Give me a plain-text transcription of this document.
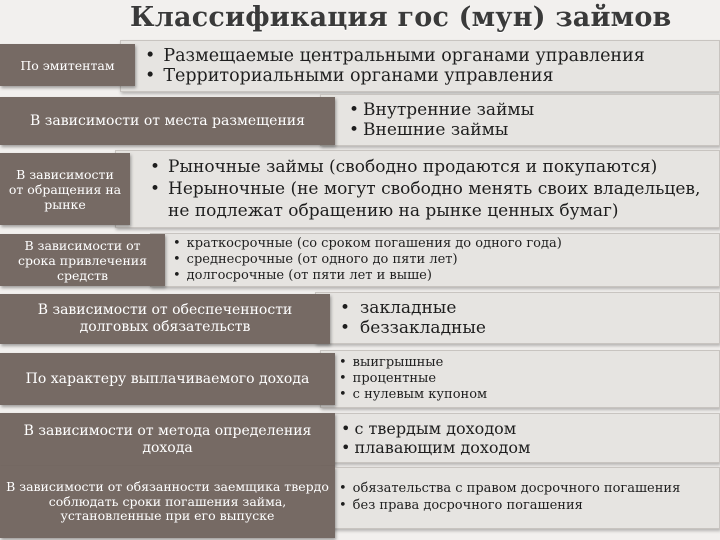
Классификация гос (мун) займов
• Размещаемые центральными органами управления
• Территориальными органами управления
По эмитентам
• Внутренние займы
• Внешние займы
В зависимости от места размещения
• Рыночные займы (свободно продаются и покупаются)
• Нерыночные (не могут свободно менять своих владельцев, не подлежат обращению на рынке ценных бумаг)
В зависимости от обращения на рынке
• краткосрочные (со сроком погашения до одного года)
• среднесрочные (от одного до пяти лет)
• долгосрочные (от пяти лет и выше)
В зависимости от срока привлечения средств
• закладные
• беззакладные
В зависимости от обеспеченности долговых обязательств
• выигрышные
• процентные
• с нулевым купоном
По характеру выплачиваемого дохода
• с твердым доходом
• плавающим доходом
В зависимости от метода определения дохода
• обязательства с правом досрочного погашения
• без права досрочного погашения
В зависимости от обязанности заемщика твердо соблюдать сроки погашения займа, установленные при его выпуске
